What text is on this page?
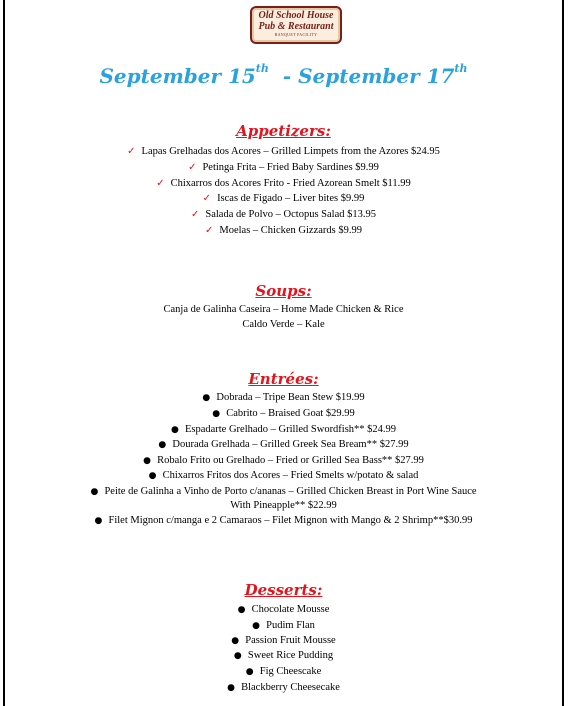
Old School House
Pub & Restaurant
BANQUET FACILITY
September 15th  - September 17th
Appetizers:
✓ Lapas Grelhadas dos Acores – Grilled Limpets from the Azores $24.95
✓ Petinga Frita – Fried Baby Sardines $9.99
✓ Chixarros dos Acores Frito - Fried Azorean Smelt $11.99
✓ Iscas de Figado – Liver bites $9.99
✓ Salada de Polvo – Octopus Salad $13.95
✓ Moelas – Chicken Gizzards $9.99
Soups:
Canja de Galinha Caseira – Home Made Chicken & Rice
Caldo Verde – Kale
Entrées:
● Dobrada – Tripe Bean Stew $19.99
● Cabrito – Braised Goat $29.99
● Espadarte Grelhado – Grilled Swordfish** $24.99
● Dourada Grelhada – Grilled Greek Sea Bream** $27.99
● Robalo Frito ou Grelhado – Fried or Grilled Sea Bass** $27.99
● Chixarros Fritos dos Acores – Fried Smelts w/potato & salad
● Peite de Galinha a Vinho de Porto c/ananas – Grilled Chicken Breast in Port Wine Sauce
With Pineapple** $22.99
● Filet Mignon c/manga e 2 Camaraos – Filet Mignon with Mango & 2 Shrimp**$30.99
Desserts:
● Chocolate Mousse
● Pudim Flan
● Passion Fruit Mousse
● Sweet Rice Pudding
● Fig Cheescake
● Blackberry Cheesecake
